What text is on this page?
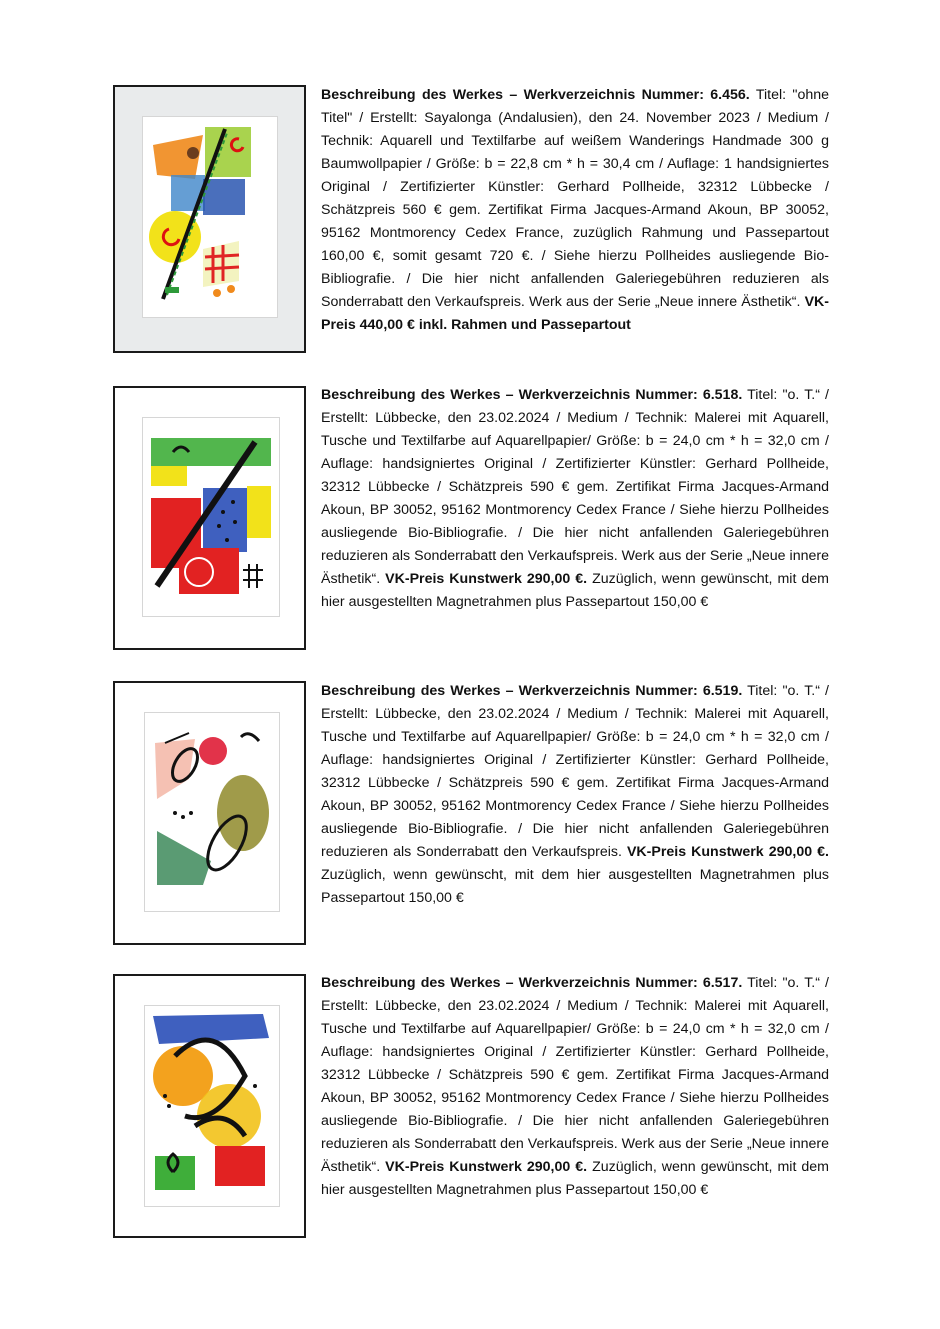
Beschreibung des Werkes – Werkverzeichnis Nummer: 6.456. Titel: "ohne Titel" / Erstellt: Sayalonga (Andalusien), den 24. November 2023 / Medium / Technik: Aquarell und Textilfarbe auf weißem Wanderings Handmade 300 g Baumwollpapier / Größe: b = 22,8 cm * h = 30,4 cm / Auflage: 1 handsigniertes Original / Zertifizierter Künstler: Gerhard Pollheide, 32312 Lübbecke / Schätzpreis 560 € gem. Zertifikat Firma Jacques-Armand Akoun, BP 30052, 95162 Montmorency Cedex France, zuzüglich Rahmung und Passepartout 160,00 €, somit gesamt 720 €. / Siehe hierzu Pollheides ausliegende Bio-Bibliografie. / Die hier nicht anfallenden Galeriegebühren reduzieren als Sonderrabatt den Verkaufspreis. Werk aus der Serie „Neue innere Ästhetik“. VK-Preis 440,00 € inkl. Rahmen und Passepartout
Beschreibung des Werkes – Werkverzeichnis Nummer: 6.518. Titel: "o. T.“ / Erstellt: Lübbecke, den 23.02.2024 / Medium / Technik: Malerei mit Aquarell, Tusche und Textilfarbe auf Aquarellpapier/ Größe: b = 24,0 cm * h = 32,0 cm / Auflage: handsigniertes Original / Zertifizierter Künstler: Gerhard Pollheide, 32312 Lübbecke / Schätzpreis 590 € gem. Zertifikat Firma Jacques-Armand Akoun, BP 30052, 95162 Montmorency Cedex France / Siehe hierzu Pollheides ausliegende Bio-Bibliografie. / Die hier nicht anfallenden Galeriegebühren reduzieren als Sonderrabatt den Verkaufspreis. Werk aus der Serie „Neue innere Ästhetik“. VK-Preis Kunstwerk 290,00 €. Zuzüglich, wenn gewünscht, mit dem hier ausgestellten Magnetrahmen plus Passepartout 150,00 €
Beschreibung des Werkes – Werkverzeichnis Nummer: 6.519. Titel: "o. T.“ / Erstellt: Lübbecke, den 23.02.2024 / Medium / Technik: Malerei mit Aquarell, Tusche und Textilfarbe auf Aquarellpapier/ Größe: b = 24,0 cm * h = 32,0 cm / Auflage: handsigniertes Original / Zertifizierter Künstler: Gerhard Pollheide, 32312 Lübbecke / Schätzpreis 590 € gem. Zertifikat Firma Jacques-Armand Akoun, BP 30052, 95162 Montmorency Cedex France / Siehe hierzu Pollheides ausliegende Bio-Bibliografie. / Die hier nicht anfallenden Galeriegebühren reduzieren als Sonderrabatt den Verkaufspreis. VK-Preis Kunstwerk 290,00 €. Zuzüglich, wenn gewünscht, mit dem hier ausgestellten Magnetrahmen plus Passepartout 150,00 €
Beschreibung des Werkes – Werkverzeichnis Nummer: 6.517. Titel: "o. T.“ / Erstellt: Lübbecke, den 23.02.2024 / Medium / Technik: Malerei mit Aquarell, Tusche und Textilfarbe auf Aquarellpapier/ Größe: b = 24,0 cm * h = 32,0 cm / Auflage: handsigniertes Original / Zertifizierter Künstler: Gerhard Pollheide, 32312 Lübbecke / Schätzpreis 590 € gem. Zertifikat Firma Jacques-Armand Akoun, BP 30052, 95162 Montmorency Cedex France / Siehe hierzu Pollheides ausliegende Bio-Bibliografie. / Die hier nicht anfallenden Galeriegebühren reduzieren als Sonderrabatt den Verkaufspreis. Werk aus der Serie „Neue innere Ästhetik“. VK-Preis Kunstwerk 290,00 €. Zuzüglich, wenn gewünscht, mit dem hier ausgestellten Magnetrahmen plus Passepartout 150,00 €
